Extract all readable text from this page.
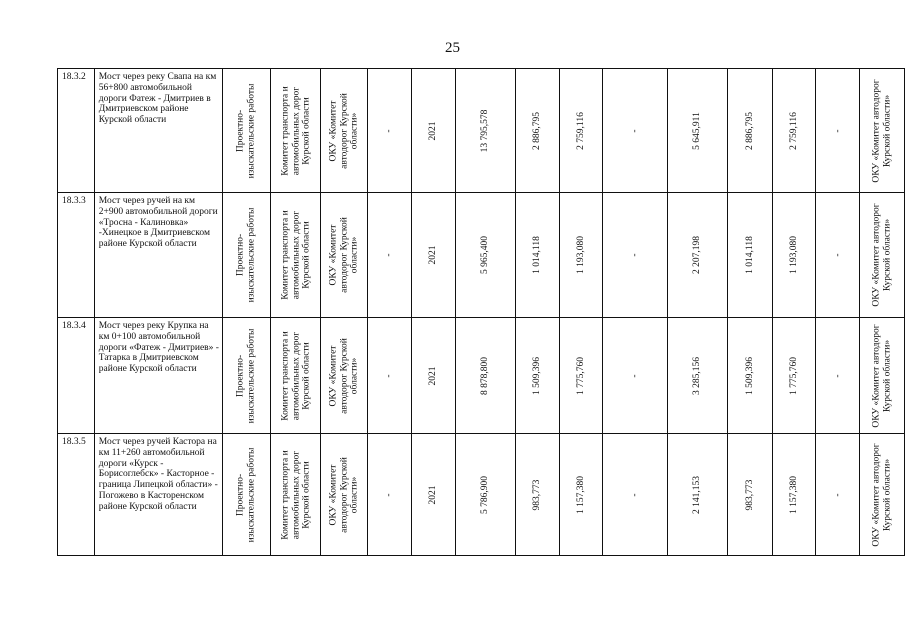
25
18.3.2	Мост через реку Свапа на км 56+800 автомобильной дороги Фатеж - Дмитриев в Дмитриевском районе Курской области	Проектно-изыскательские работы	Комитет транспорта и автомобильных дорог Курской области	ОКУ «Комитет автодорог Курской области»	-	2021	13 795,578	2 886,795	2 759,116	-	5 645,911	2 886,795	2 759,116	-	ОКУ «Комитет автодорог Курской области»

18.3.3	Мост через ручей на км 2+900 автомобильной дороги «Тросна - Калиновка» -Хинецкое в Дмитриевском районе Курской области	Проектно-изыскательские работы	Комитет транспорта и автомобильных дорог Курской области	ОКУ «Комитет автодорог Курской области»	-	2021	5 965,400	1 014,118	1 193,080	-	2 207,198	1 014,118	1 193,080	-	ОКУ «Комитет автодорог Курской области»

18.3.4	Мост через реку Крупка на км 0+100 автомобильной дороги «Фатеж - Дмитриев» - Татарка в Дмитриевском районе Курской области	Проектно-изыскательские работы	Комитет транспорта и автомобильных дорог Курской области	ОКУ «Комитет автодорог Курской области»	-	2021	8 878,800	1 509,396	1 775,760	-	3 285,156	1 509,396	1 775,760	-	ОКУ «Комитет автодорог Курской области»

18.3.5	Мост через ручей Кастора на км 11+260 автомобильной дороги «Курск - Борисоглебск» - Касторное - граница Липецкой области» - Погожево в Касторенском районе Курской области	Проектно-изыскательские работы	Комитет транспорта и автомобильных дорог Курской области	ОКУ «Комитет автодорог Курской области»	-	2021	5 786,900	983,773	1 157,380	-	2 141,153	983,773	1 157,380	-	ОКУ «Комитет автодорог Курской области»
